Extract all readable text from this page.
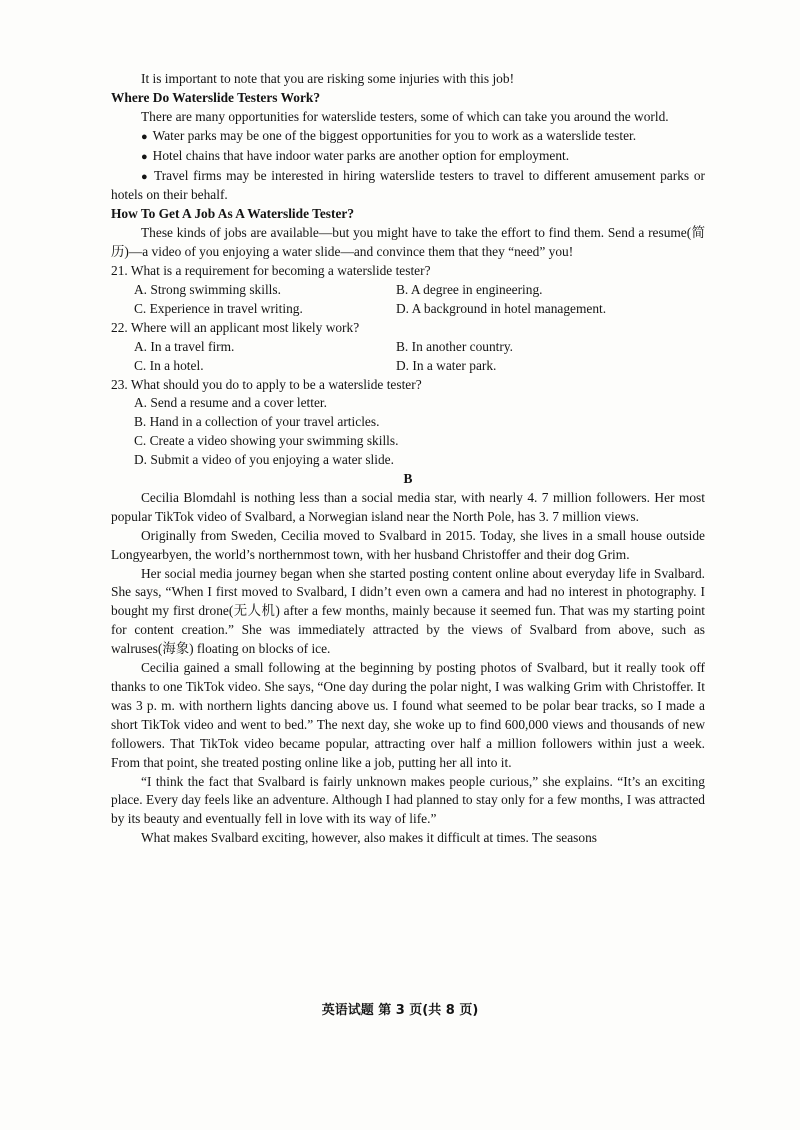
It is important to note that you are risking some injuries with this job!

Where Do Waterslide Testers Work?

There are many opportunities for waterslide testers, some of which can take you around the world.

● Water parks may be one of the biggest opportunities for you to work as a waterslide tester.

● Hotel chains that have indoor water parks are another option for employment.

● Travel firms may be interested in hiring waterslide testers to travel to different amusement parks or hotels on their behalf.

How To Get A Job As A Waterslide Tester?

These kinds of jobs are available—but you might have to take the effort to find them. Send a resume(简历)—a video of you enjoying a water slide—and convince them that they “need” you!

21. What is a requirement for becoming a waterslide tester?

A. Strong swimming skills.	B. A degree in engineering.
C. Experience in travel writing.	D. A background in hotel management.

22. Where will an applicant most likely work?

A. In a travel firm.	B. In another country.
C. In a hotel.	D. In a water park.

23. What should you do to apply to be a waterslide tester?

A. Send a resume and a cover letter.

B. Hand in a collection of your travel articles.

C. Create a video showing your swimming skills.

D. Submit a video of you enjoying a water slide.

B

Cecilia Blomdahl is nothing less than a social media star, with nearly 4. 7 million followers. Her most popular TikTok video of Svalbard, a Norwegian island near the North Pole, has 3. 7 million views.

Originally from Sweden, Cecilia moved to Svalbard in 2015. Today, she lives in a small house outside Longyearbyen, the world’s northernmost town, with her husband Christoffer and their dog Grim.

Her social media journey began when she started posting content online about everyday life in Svalbard. She says, “When I first moved to Svalbard, I didn’t even own a camera and had no interest in photography. I bought my first drone(无人机) after a few months, mainly because it seemed fun. That was my starting point for content creation.” She was immediately attracted by the views of Svalbard from above, such as walruses(海象) floating on blocks of ice.

Cecilia gained a small following at the beginning by posting photos of Svalbard, but it really took off thanks to one TikTok video. She says, “One day during the polar night, I was walking Grim with Christoffer. It was 3 p. m. with northern lights dancing above us. I found what seemed to be polar bear tracks, so I made a short TikTok video and went to bed.” The next day, she woke up to find 600,000 views and thousands of new followers. That TikTok video became popular, attracting over half a million followers within just a week. From that point, she treated posting online like a job, putting her all into it.

“I think the fact that Svalbard is fairly unknown makes people curious,” she explains. “It’s an exciting place. Every day feels like an adventure. Although I had planned to stay only for a few months, I was attracted by its beauty and eventually fell in love with its way of life.”

What makes Svalbard exciting, however, also makes it difficult at times. The seasons

英语试题 第 3 页(共 8 页)
